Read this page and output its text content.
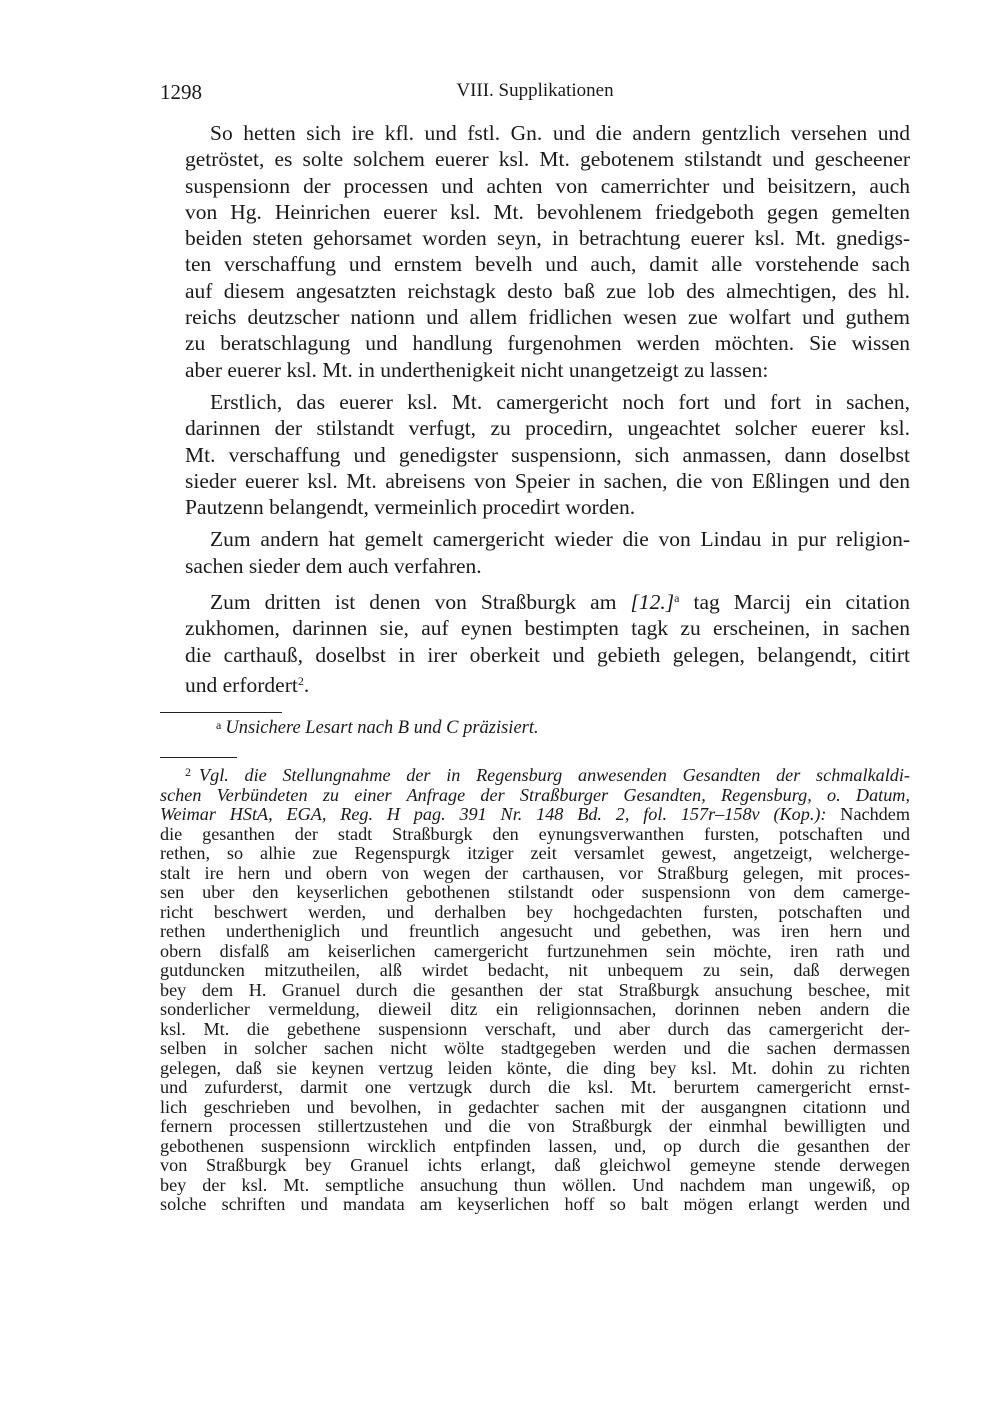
1298	VIII. Supplikationen

So hetten sich ire kfl. und fstl. Gn. und die andern gentzlich versehen und
getröstet, es solte solchem euerer ksl. Mt. gebotenem stilstandt und gescheener
suspensionn der processen und achten von camerrichter und beisitzern, auch
von Hg. Heinrichen euerer ksl. Mt. bevohlenem friedgeboth gegen gemelten
beiden steten gehorsamet worden seyn, in betrachtung euerer ksl. Mt. gnedigs-
ten verschaffung und ernstem bevelh und auch, damit alle vorstehende sach
auf diesem angesatzten reichstagk desto baß zue lob des almechtigen, des hl.
reichs deutzscher nationn und allem fridlichen wesen zue wolfart und guthem
zu beratschlagung und handlung furgenohmen werden möchten. Sie wissen
aber euerer ksl. Mt. in underthenigkeit nicht unangetzeigt zu lassen:

Erstlich, das euerer ksl. Mt. camergericht noch fort und fort in sachen,
darinnen der stilstandt verfugt, zu procedirn, ungeachtet solcher euerer ksl.
Mt. verschaffung und genedigster suspensionn, sich anmassen, dann doselbst
sieder euerer ksl. Mt. abreisens von Speier in sachen, die von Eßlingen und den
Pautzenn belangendt, vermeinlich procedirt worden.

Zum andern hat gemelt camergericht wieder die von Lindau in pur religion-
sachen sieder dem auch verfahren.

Zum dritten ist denen von Straßburgk am $[12.]^a$ tag Marcij ein citation
zukhomen, darinnen sie, auf eynen bestimpten tagk zu erscheinen, in sachen
die carthauß, doselbst in irer oberkeit und gebieth gelegen, belangendt, citirt
und erfordert$^2$.

$^a$ Unsichere Lesart nach B und C präzisiert.
$^2$ Vgl. die Stellungnahme der in Regensburg anwesenden Gesandten der schmalkaldi-
schen Verbündeten zu einer Anfrage der Straßburger Gesandten, Regensburg, o. Datum,
Weimar HStA, EGA, Reg. H pag. 391 Nr. 148 Bd. 2, fol. 157r–158v (Kop.): Nachdem
die gesanthen der stadt Straßburgk den eynungsverwanthen fursten, potschaften und
rethen, so alhie zue Regenspurgk itziger zeit versamlet gewest, angetzeigt, welcherge-
stalt ire hern und obern von wegen der carthausen, vor Straßburg gelegen, mit proces-
sen uber den keyserlichen gebothenen stilstandt oder suspensionn von dem camerge-
richt beschwert werden, und derhalben bey hochgedachten fursten, potschaften und
rethen undertheniglich und freuntlich angesucht und gebethen, was iren hern und
obern disfalß am keiserlichen camergericht furtzunehmen sein möchte, iren rath und
gutduncken mitzutheilen, alß wirdet bedacht, nit unbequem zu sein, daß derwegen
bey dem H. Granuel durch die gesanthen der stat Straßburgk ansuchung beschee, mit
sonderlicher vermeldung, dieweil ditz ein religionnsachen, dorinnen neben andern die
ksl. Mt. die gebethene suspensionn verschaft, und aber durch das camergericht der-
selben in solcher sachen nicht wölte stadtgegeben werden und die sachen dermassen
gelegen, daß sie keynen vertzug leiden könte, die ding bey ksl. Mt. dohin zu richten
und zufurderst, darmit one vertzugk durch die ksl. Mt. berurtem camergericht ernst-
lich geschrieben und bevolhen, in gedachter sachen mit der ausgangnen citationn und
fernern processen stillertzustehen und die von Straßburgk der einmhal bewilligten und
gebothenen suspensionn wircklich entpfinden lassen, und, op durch die gesanthen der
von Straßburgk bey Granuel ichts erlangt, daß gleichwol gemeyne stende derwegen
bey der ksl. Mt. semptliche ansuchung thun wöllen. Und nachdem man ungewiß, op
solche schriften und mandata am keyserlichen hoff so balt mögen erlangt werden und
